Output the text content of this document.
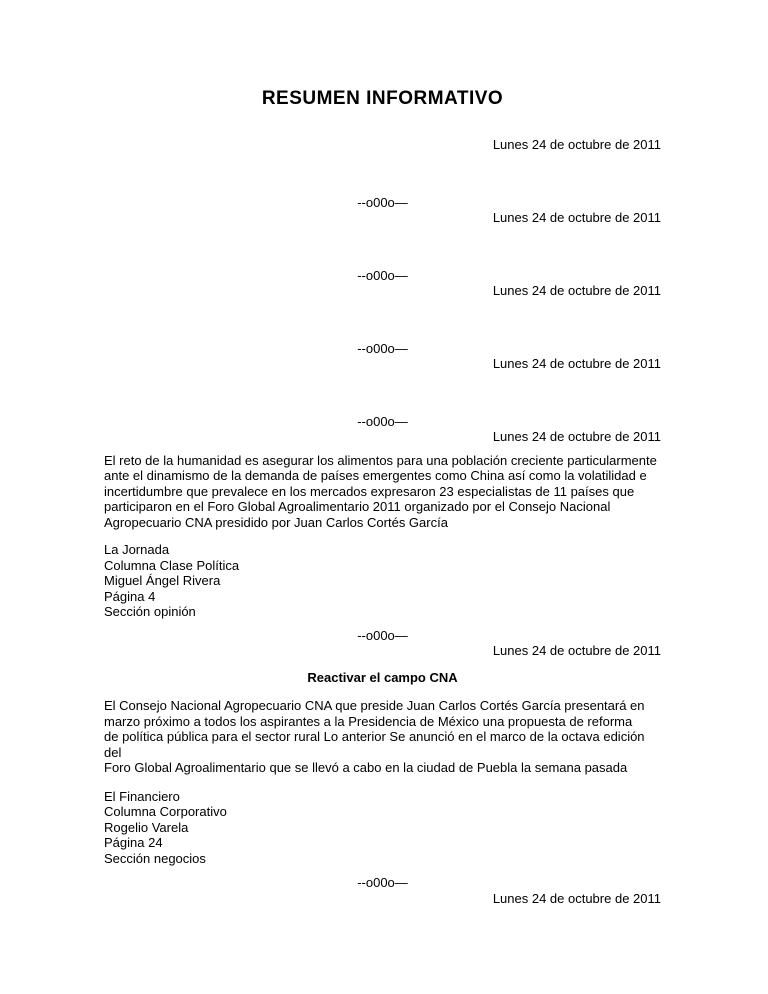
RESUMEN INFORMATIVO
Lunes 24 de octubre de 2011
--o00o—
Lunes 24 de octubre de 2011
--o00o—
Lunes 24 de octubre de 2011
--o00o—
Lunes 24 de octubre de 2011
--o00o—
Lunes 24 de octubre de 2011
El reto de la humanidad es asegurar los alimentos para una población creciente particularmente
ante el dinamismo de la demanda de países emergentes como China así como la volatilidad e
incertidumbre que prevalece en los mercados expresaron 23 especialistas de 11 países que
participaron en el Foro Global Agroalimentario 2011 organizado por el Consejo Nacional
Agropecuario CNA presidido por Juan Carlos Cortés García
La Jornada
Columna Clase Política
Miguel Ángel Rivera
Página 4
Sección opinión
--o00o—
Lunes 24 de octubre de 2011
Reactivar el campo CNA
El Consejo Nacional Agropecuario CNA que preside Juan Carlos Cortés García presentará en
marzo próximo a todos los aspirantes a la Presidencia de México una propuesta de reforma
de política pública para el sector rural Lo anterior Se anunció en el marco de la octava edición del
Foro Global Agroalimentario que se llevó a cabo en la ciudad de Puebla la semana pasada
El Financiero
Columna Corporativo
Rogelio Varela
Página 24
Sección negocios
--o00o—
Lunes 24 de octubre de 2011
